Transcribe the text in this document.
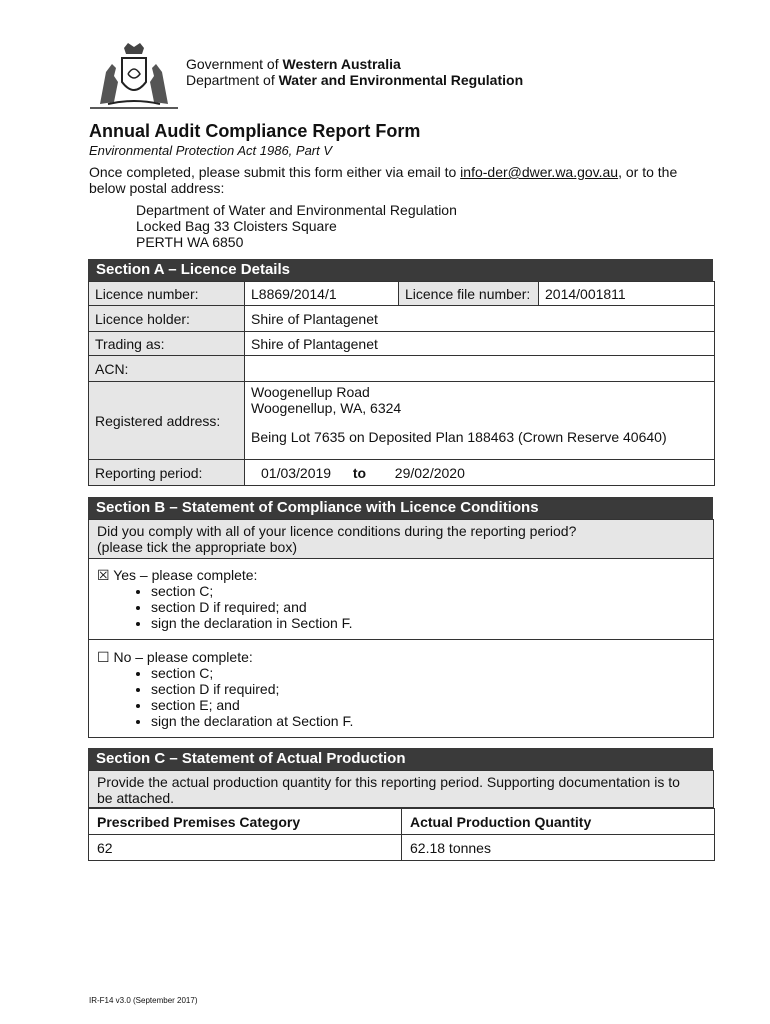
Government of Western Australia
Department of Water and Environmental Regulation
Annual Audit Compliance Report Form
Environmental Protection Act 1986, Part V
Once completed, please submit this form either via email to info-der@dwer.wa.gov.au, or to the below postal address:
Department of Water and Environmental Regulation
Locked Bag 33 Cloisters Square
PERTH WA 6850
Section A – Licence Details
Licence number:	L8869/2014/1	Licence file number:	2014/001811
Licence holder:	Shire of Plantagenet		
Trading as:	Shire of Plantagenet		
ACN:			
Registered address:	Woogenellup Road
Woogenellup, WA, 6324
Being Lot 7635 on Deposited Plan 188463 (Crown Reserve 40640)		

Reporting period:	01/03/2019 to 29/02/2020		
Section B – Statement of Compliance with Licence Conditions
Did you comply with all of your licence conditions during the reporting period?
(please tick the appropriate box)
☒ Yes – please complete:
• section C;
• section D if required; and
• sign the declaration in Section F.
☐ No – please complete:
• section C;
• section D if required;
• section E; and
• sign the declaration at Section F.
Section C – Statement of Actual Production
Provide the actual production quantity for this reporting period. Supporting documentation is to
be attached.
Prescribed Premises Category	Actual Production Quantity
62	62.18 tonnes
IR-F14 v3.0 (September 2017)
